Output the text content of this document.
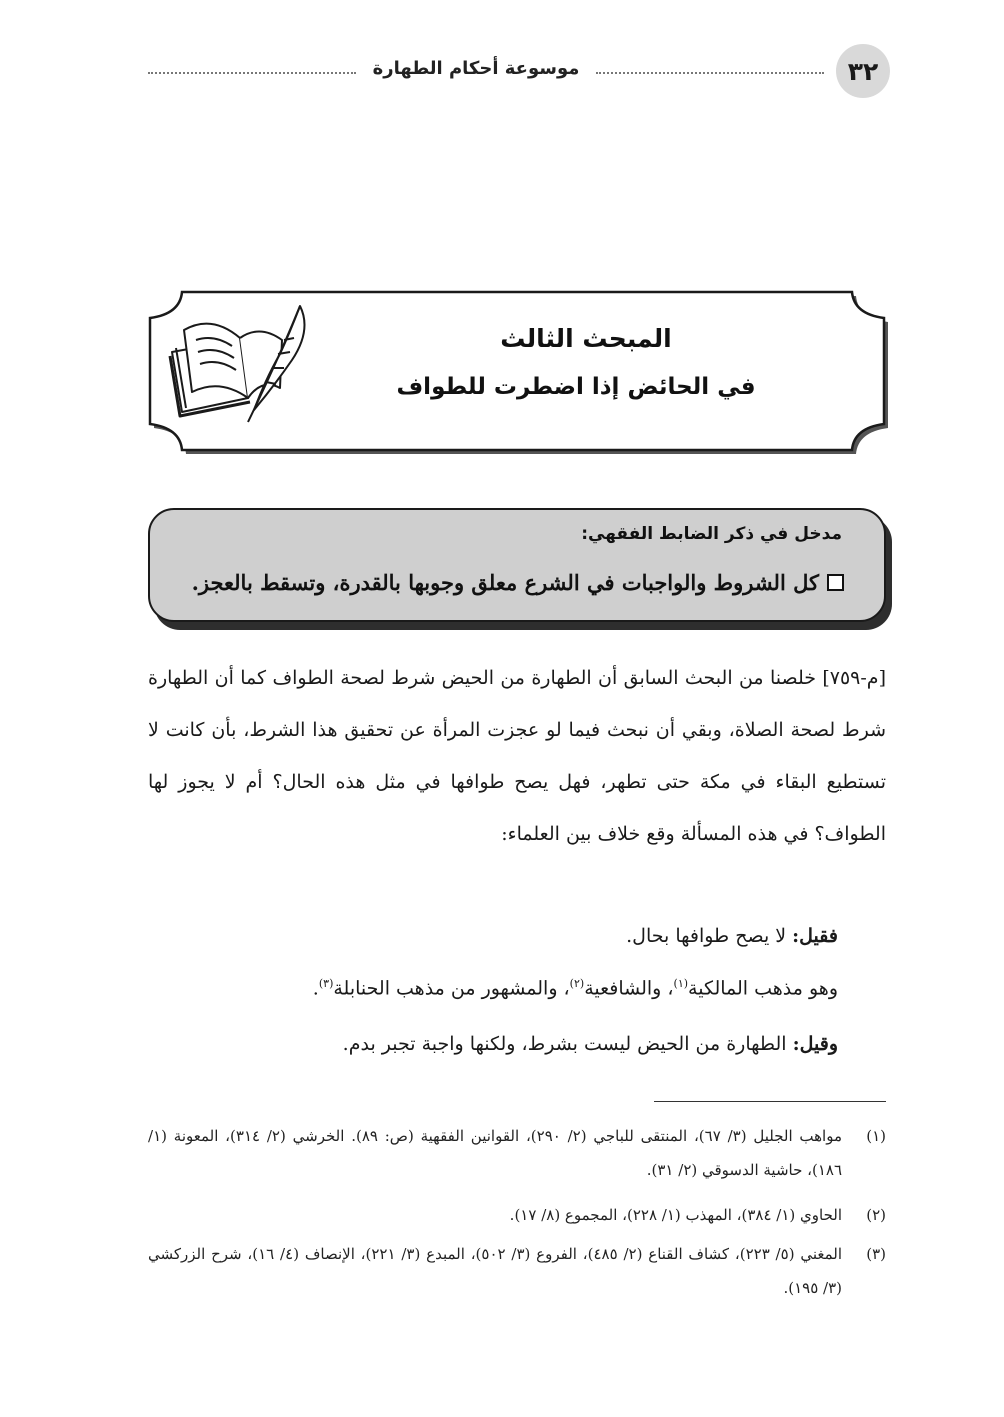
٣٢
موسوعة أحكام الطهارة
المبحث الثالث
في الحائض إذا اضطرت للطواف
مدخل في ذكر الضابط الفقهي:
كل الشروط والواجبات في الشرع معلق وجوبها بالقدرة، وتسقط بالعجز.
[م-٧٥٩] خلصنا من البحث السابق أن الطهارة من الحيض شرط لصحة الطواف كما أن الطهارة شرط لصحة الصلاة، وبقي أن نبحث فيما لو عجزت المرأة عن تحقيق هذا الشرط، بأن كانت لا تستطيع البقاء في مكة حتى تطهر، فهل يصح طوافها في مثل هذه الحال؟ أم لا يجوز لها الطواف؟ في هذه المسألة وقع خلاف بين العلماء:
فقيل: لا يصح طوافها بحال.
وهو مذهب المالكية$^{(١)}$، والشافعية$^{(٢)}$، والمشهور من مذهب الحنابلة$^{(٣)}$.
وقيل: الطهارة من الحيض ليست بشرط، ولكنها واجبة تجبر بدم.
(١)
مواهب الجليل (٣/ ٦٧)، المنتقى للباجي (٢/ ٢٩٠)، القوانين الفقهية (ص: ٨٩). الخرشي (٢/ ٣١٤)، المعونة (١/ ١٨٦)، حاشية الدسوقي (٢/ ٣١).
(٢)
الحاوي (١/ ٣٨٤)، المهذب (١/ ٢٢٨)، المجموع (٨/ ١٧).
(٣)
المغني (٥/ ٢٢٣)، كشاف القناع (٢/ ٤٨٥)، الفروع (٣/ ٥٠٢)، المبدع (٣/ ٢٢١)، الإنصاف (٤/ ١٦)، شرح الزركشي (٣/ ١٩٥).
